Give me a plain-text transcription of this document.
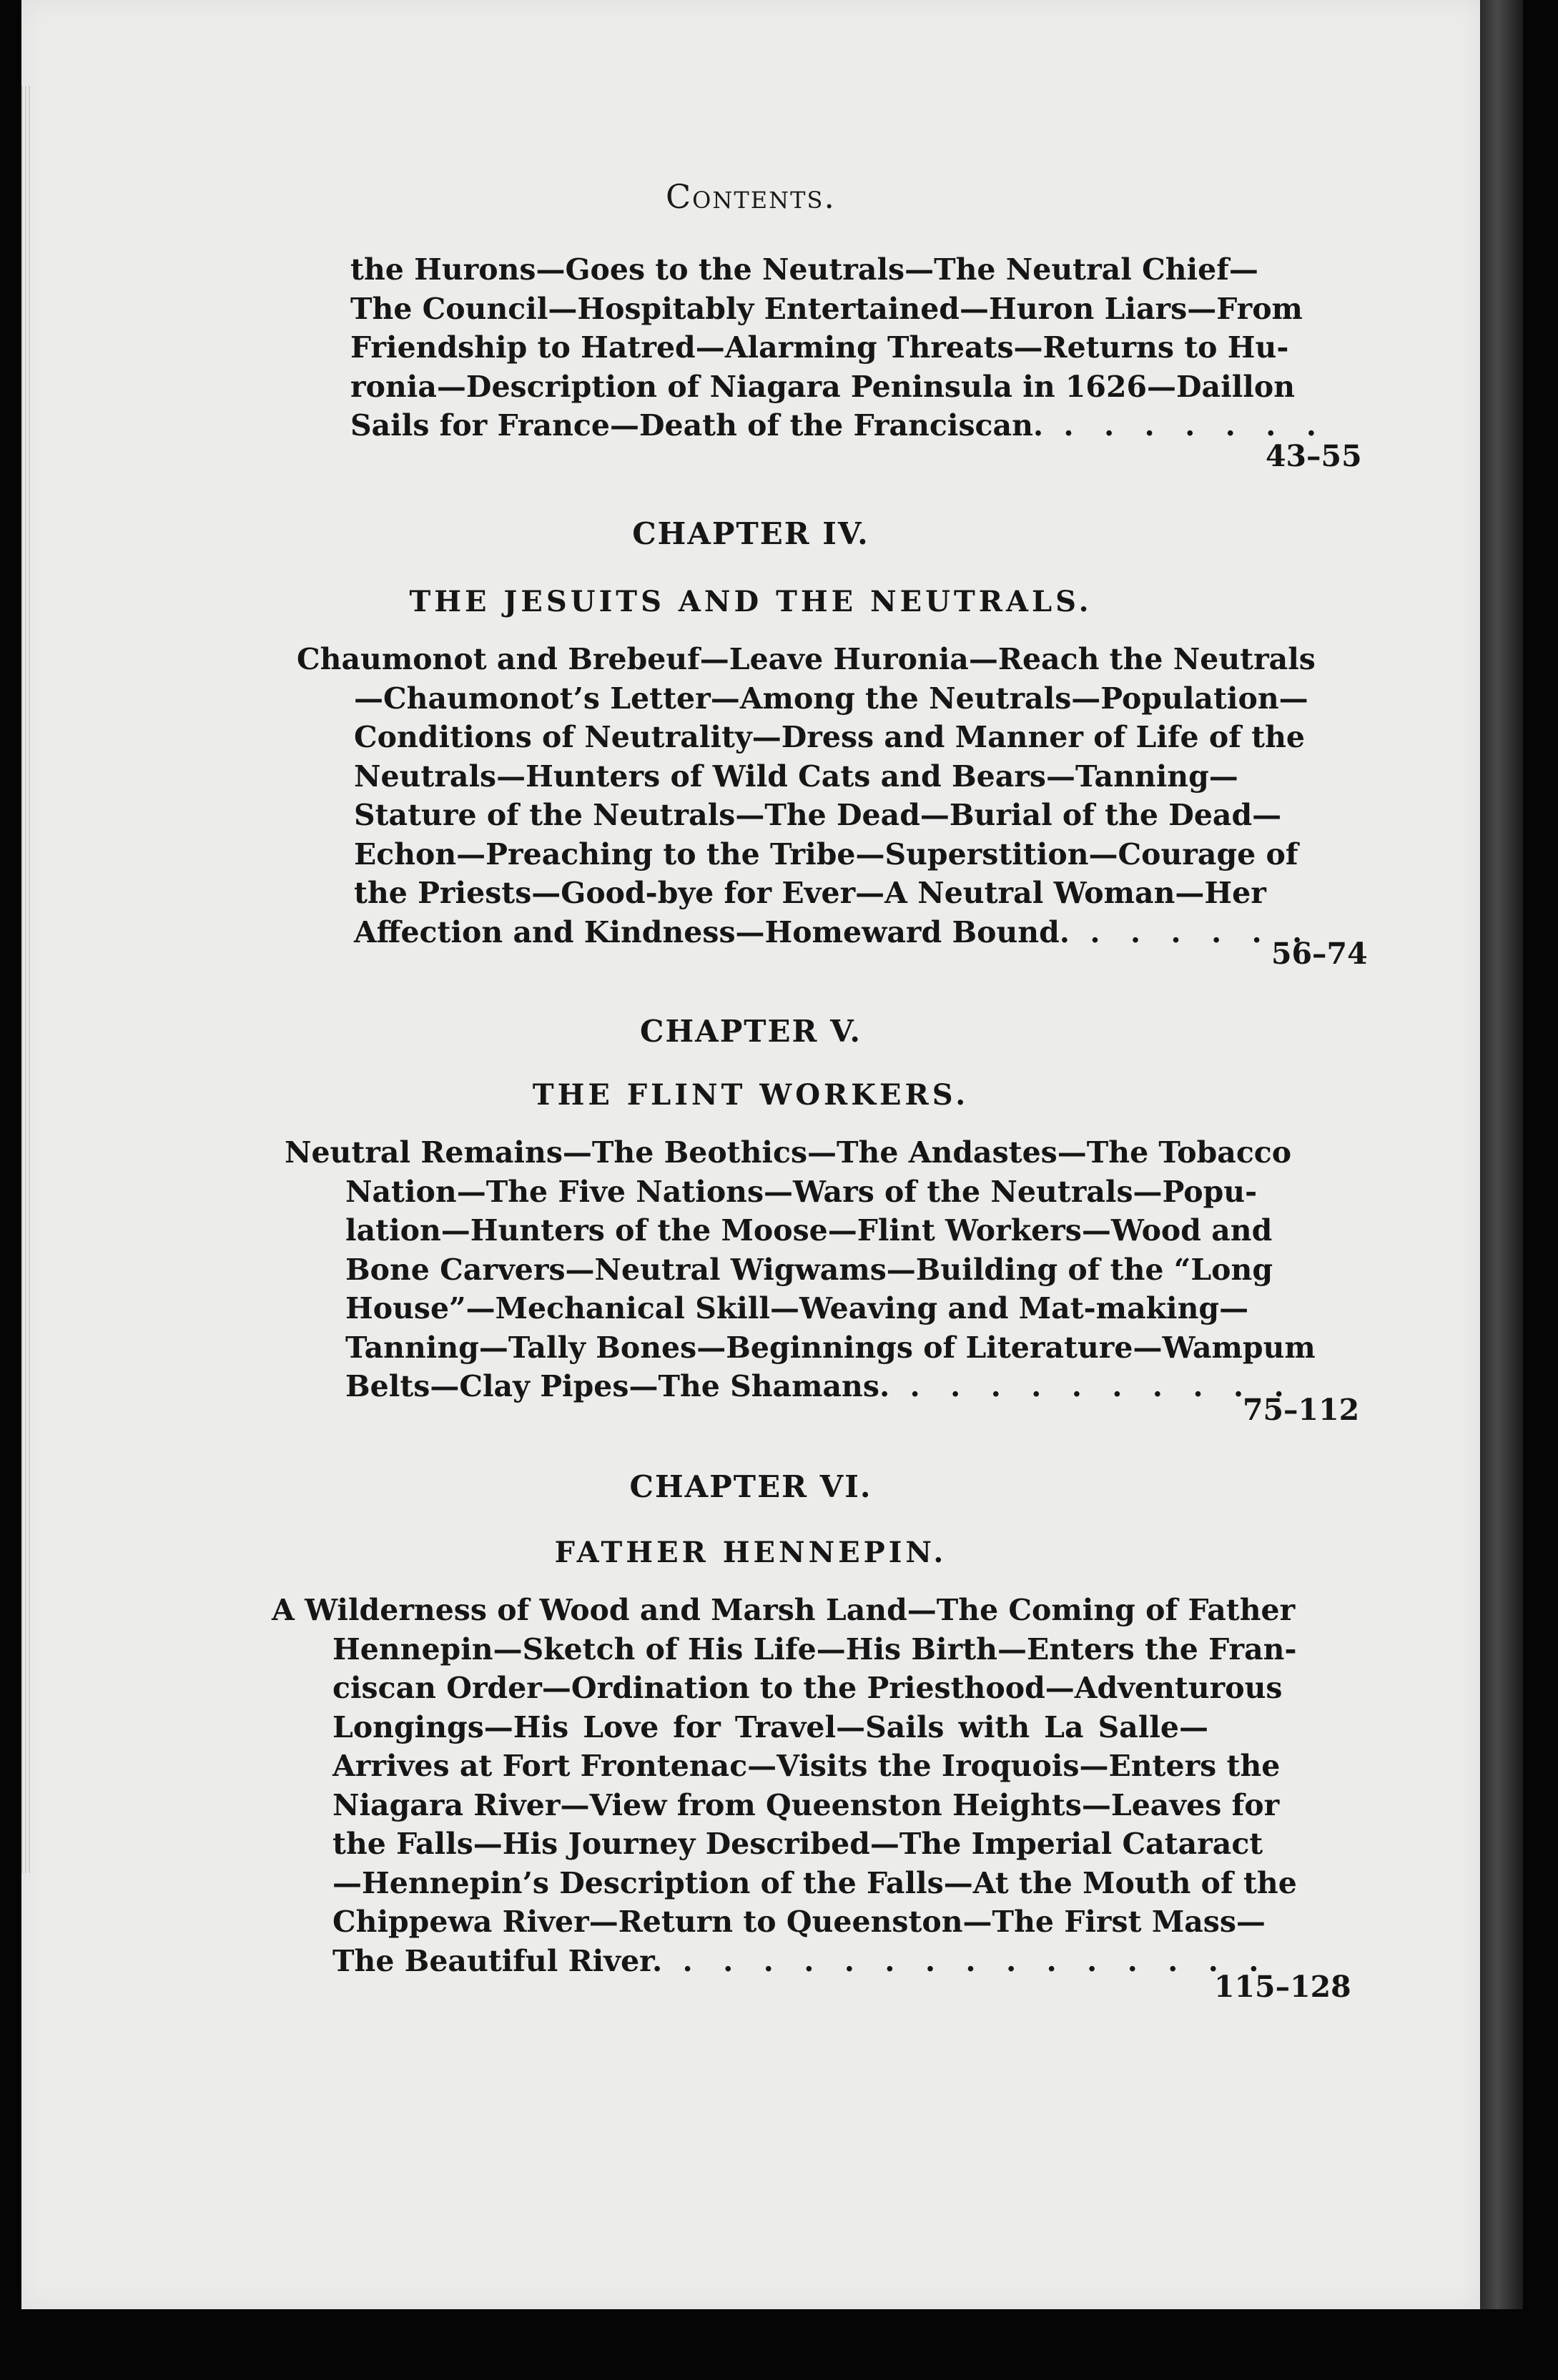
Contents.
the Hurons—Goes to the Neutrals—The Neutral Chief—
The Council—Hospitably Entertained—Huron Liars—From
Friendship to Hatred—Alarming Threats—Returns to Hu-
ronia—Description of Niagara Peninsula in 1626—Daillon
Sails for France—Death of the Franciscan. . . . . . . .
43–55
CHAPTER IV.
THE JESUITS AND THE NEUTRALS.
Chaumonot and Brebeuf—Leave Huronia—Reach the Neutrals
—Chaumonot’s Letter—Among the Neutrals—Population—
Conditions of Neutrality—Dress and Manner of Life of the
Neutrals—Hunters of Wild Cats and Bears—Tanning—
Stature of the Neutrals—The Dead—Burial of the Dead—
Echon—Preaching to the Tribe—Superstition—Courage of
the Priests—Good-bye for Ever—A Neutral Woman—Her
Affection and Kindness—Homeward Bound. . . . . . .
56–74
CHAPTER V.
THE FLINT WORKERS.
Neutral Remains—The Beothics—The Andastes—The Tobacco
Nation—The Five Nations—Wars of the Neutrals—Popu-
lation—Hunters of the Moose—Flint Workers—Wood and
Bone Carvers—Neutral Wigwams—Building of the “Long
House”—Mechanical Skill—Weaving and Mat-making—
Tanning—Tally Bones—Beginnings of Literature—Wampum
Belts—Clay Pipes—The Shamans. . . . . . . . . . .
75–112
CHAPTER VI.
FATHER HENNEPIN.
A Wilderness of Wood and Marsh Land—The Coming of Father
Hennepin—Sketch of His Life—His Birth—Enters the Fran-
ciscan Order—Ordination to the Priesthood—Adventurous
Longings—His Love for Travel—Sails with La Salle—
Arrives at Fort Frontenac—Visits the Iroquois—Enters the
Niagara River—View from Queenston Heights—Leaves for
the Falls—His Journey Described—The Imperial Cataract
—Hennepin’s Description of the Falls—At the Mouth of the
Chippewa River—Return to Queenston—The First Mass—
The Beautiful River. . . . . . . . . . . . . . . .
115–128
